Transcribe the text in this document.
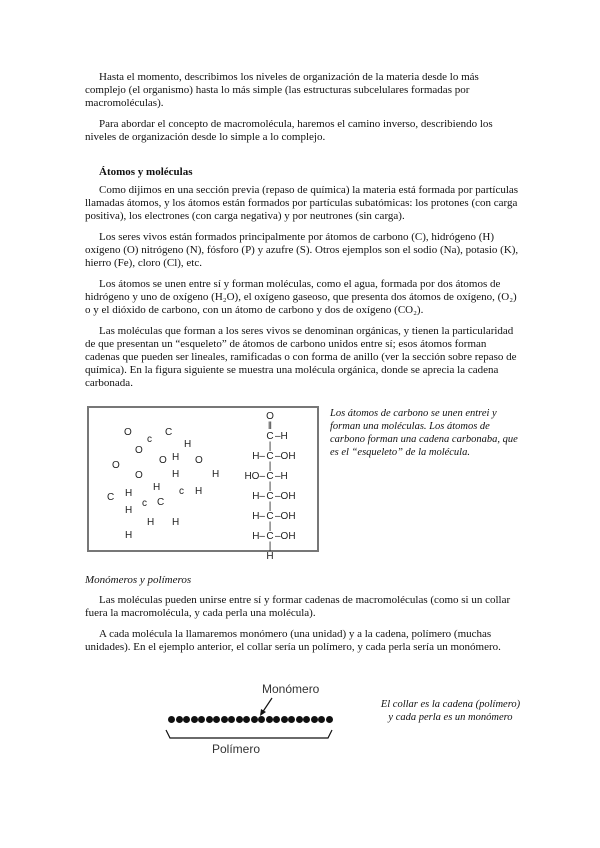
Hasta el momento, describimos los niveles de organización de la materia desde lo más complejo (el organismo) hasta lo más simple (las estructuras subcelulares formadas por macromoléculas).

Para abordar el concepto de macromolécula, haremos el camino inverso, describiendo los niveles de organización desde lo simple a lo complejo.

Átomos y moléculas

Como dijimos en una sección previa (repaso de química) la materia está formada por partículas llamadas átomos, y los átomos están formados por partículas subatómicas: los protones (con carga positiva), los electrones (con carga negativa) y por neutrones (sin carga).

Los seres vivos están formados principalmente por átomos de carbono (C), hidrógeno (H) oxígeno (O) nitrógeno (N), fósforo (P) y azufre (S). Otros ejemplos son el sodio (Na), potasio (K), hierro (Fe), cloro (Cl), etc.

Los átomos se unen entre sí y forman moléculas, como el agua, formada por dos átomos de hidrógeno y uno de oxígeno (H₂O), el oxígeno gaseoso, que presenta dos átomos de oxígeno, (O₂) o y el dióxido de carbono, con un átomo de carbono y dos de oxígeno (CO₂).

Las moléculas que forman a los seres vivos se denominan orgánicas, y tienen la particularidad de que presentan un “esqueleto” de átomos de carbono unidos entre sí; esos átomos forman cadenas que pueden ser lineales, ramificadas o con forma de anillo (ver la sección sobre repaso de química). En la figura siguiente se muestra una molécula orgánica, donde se aprecia la cadena carbonada.

O
c
C
H
O
O	O H O
O	H	H
H
C H	c H
c C
H
H H
H
O
‖
C –H
|
H– C –OH
|
HO– C –H
|
H– C –OH
|
H– C –OH
|
H– C –OH
|
H
Los átomos de carbono se unen entrei y forman una moléculas. Los átomos de carbono forman una cadena carbonaba, que es el “esqueleto” de la molécula.
Monómeros y polímeros

Las moléculas pueden unirse entre sí y formar cadenas de macromoléculas (como si un collar fuera la macromolécula, y cada perla una molécula).

A cada molécula la llamaremos monómero (una unidad) y a la cadena, polímero (muchas unidades). En el ejemplo anterior, el collar sería un polímero, y cada perla sería un monómero.

Monómero
Polímero
El collar es la cadena (polímero) y cada perla es un monómero
